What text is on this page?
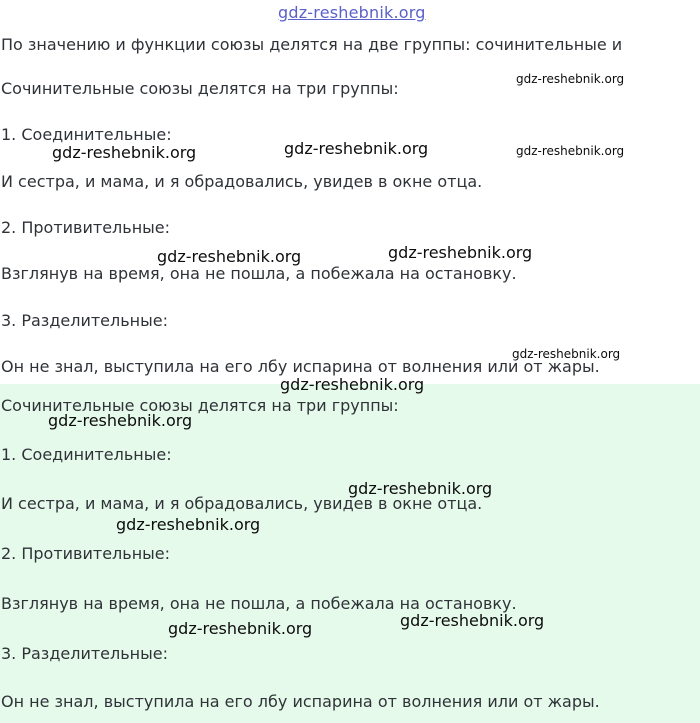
gdz-reshebnik.org
По значению и функции союзы делятся на две группы: сочинительные и
Сочинительные союзы делятся на три группы:
1. Соединительные:
И сестра, и мама, и я обрадовались, увидев в окне отца.
2. Противительные:
Взглянув на время, она не пошла, а побежала на остановку.
3. Разделительные:
Он не знал, выступила на его лбу испарина от волнения или от жары.
Сочинительные союзы делятся на три группы:
1. Соединительные:
И сестра, и мама, и я обрадовались, увидев в окне отца.
2. Противительные:
Взглянув на время, она не пошла, а побежала на остановку.
3. Разделительные:
Он не знал, выступила на его лбу испарина от волнения или от жары.
gdz-reshebnik.org
gdz-reshebnik.org	gdz-reshebnik.org	gdz-reshebnik.org
gdz-reshebnik.org	gdz-reshebnik.org
gdz-reshebnik.org
gdz-reshebnik.org
gdz-reshebnik.org
gdz-reshebnik.org
gdz-reshebnik.org
gdz-reshebnik.org	gdz-reshebnik.org
